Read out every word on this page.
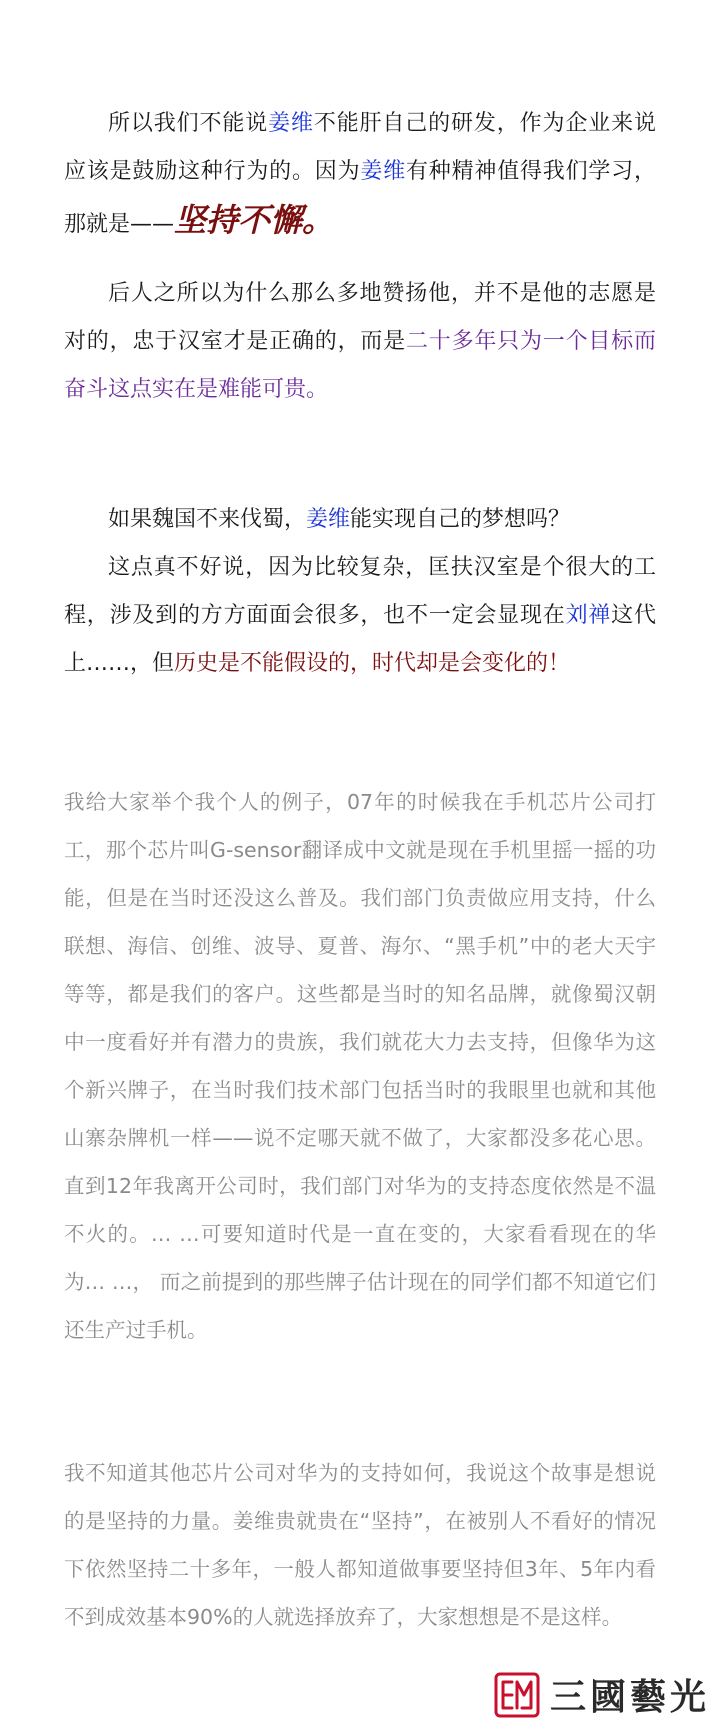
所以我们不能说姜维不能肝自己的研发，作为企业来说应该是鼓励这种行为的。因为姜维有种精神值得我们学习，那就是——坚持不懈。

后人之所以为什么那么多地赞扬他，并不是他的志愿是对的，忠于汉室才是正确的，而是二十多年只为一个目标而奋斗这点实在是难能可贵。

如果魏国不来伐蜀，姜维能实现自己的梦想吗？

这点真不好说，因为比较复杂，匡扶汉室是个很大的工程，涉及到的方方面面会很多，也不一定会显现在刘禅这代上……，但历史是不能假设的，时代却是会变化的！

我给大家举个我个人的例子，07年的时候我在手机芯片公司打工，那个芯片叫G-sensor翻译成中文就是现在手机里摇一摇的功能，但是在当时还没这么普及。我们部门负责做应用支持，什么联想、海信、创维、波导、夏普、海尔、“黑手机”中的老大天宇等等，都是我们的客户。这些都是当时的知名品牌，就像蜀汉朝中一度看好并有潜力的贵族，我们就花大力去支持，但像华为这个新兴牌子，在当时我们技术部门包括当时的我眼里也就和其他山寨杂牌机一样——说不定哪天就不做了，大家都没多花心思。直到12年我离开公司时，我们部门对华为的支持态度依然是不温不火的。… …可要知道时代是一直在变的，大家看看现在的华为… …， 而之前提到的那些牌子估计现在的同学们都不知道它们还生产过手机。

我不知道其他芯片公司对华为的支持如何，我说这个故事是想说的是坚持的力量。姜维贵就贵在“坚持”，在被别人不看好的情况下依然坚持二十多年，一般人都知道做事要坚持但3年、5年内看不到成效基本90%的人就选择放弃了，大家想想是不是这样。

三國藝光
